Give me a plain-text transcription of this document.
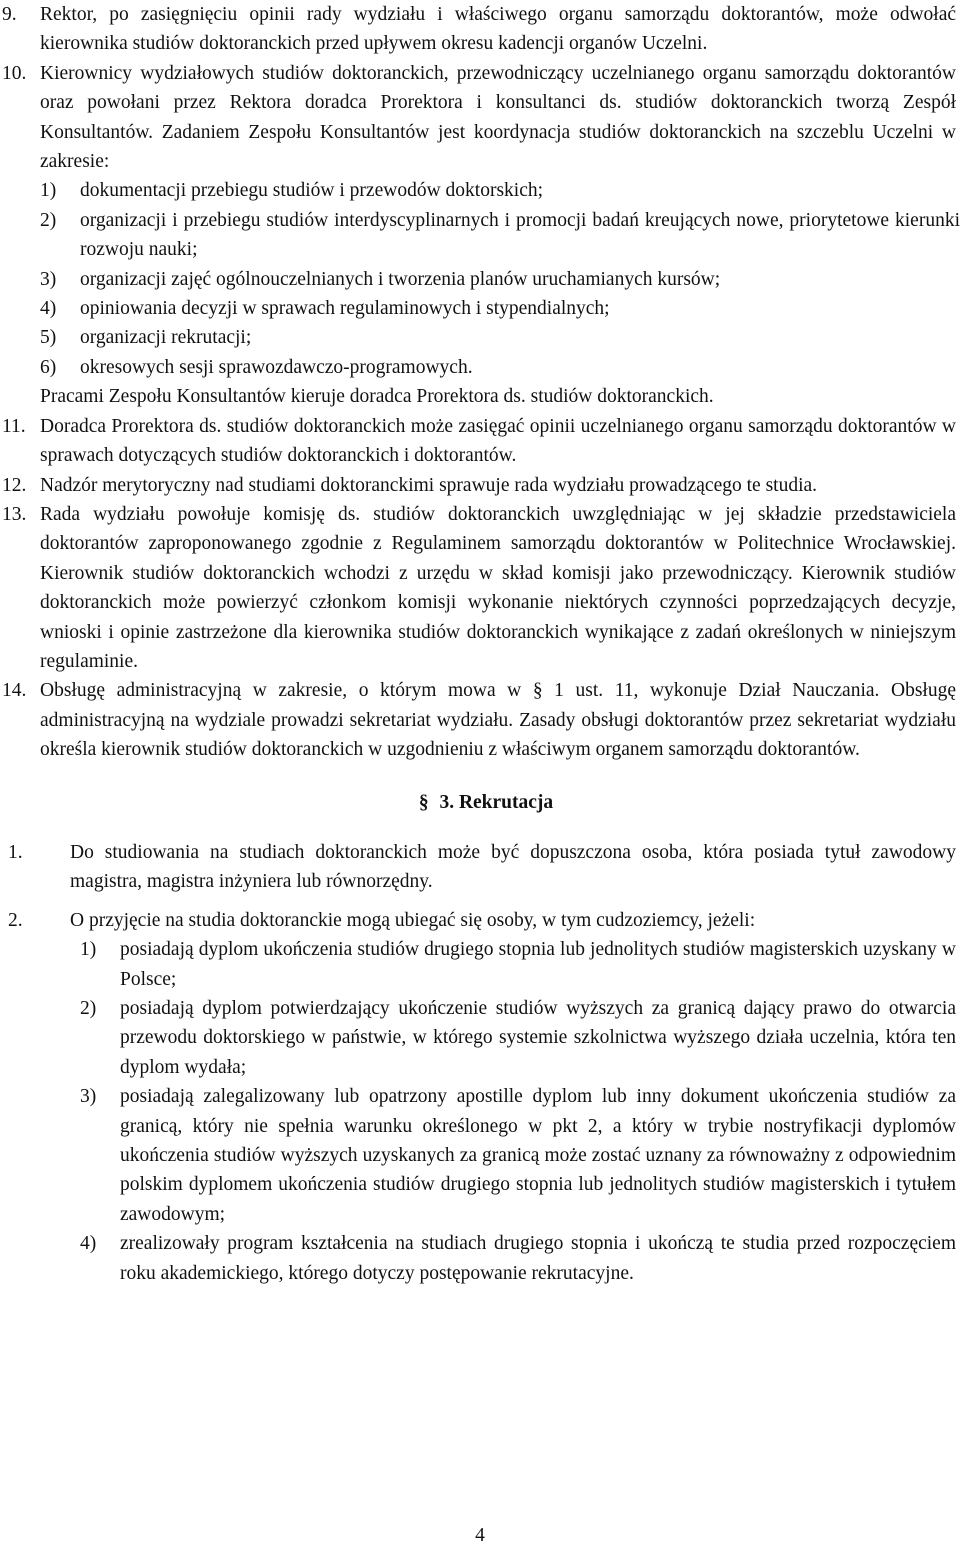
9. Rektor, po zasięgnięciu opinii rady wydziału i właściwego organu samorządu doktorantów, może odwołać kierownika studiów doktoranckich przed upływem okresu kadencji organów Uczelni.
10. Kierownicy wydziałowych studiów doktoranckich, przewodniczący uczelnianego organu samorządu doktorantów oraz powołani przez Rektora doradca Prorektora i konsultanci ds. studiów doktoranckich tworzą Zespół Konsultantów. Zadaniem Zespołu Konsultantów jest koordynacja studiów doktoranckich na szczeblu Uczelni w zakresie:
1) dokumentacji przebiegu studiów i przewodów doktorskich;
2) organizacji i przebiegu studiów interdyscyplinarnych i promocji badań kreujących nowe, priorytetowe kierunki rozwoju nauki;
3) organizacji zajęć ogólnouczelnianych i tworzenia planów uruchamianych kursów;
4) opiniowania decyzji w sprawach regulaminowych i stypendialnych;
5) organizacji rekrutacji;
6) okresowych sesji sprawozdawczo-programowych.
Pracami Zespołu Konsultantów kieruje doradca Prorektora ds. studiów doktoranckich.
11. Doradca Prorektora ds. studiów doktoranckich może zasięgać opinii uczelnianego organu samorządu doktorantów w sprawach dotyczących studiów doktoranckich i doktorantów.
12. Nadzór merytoryczny nad studiami doktoranckimi sprawuje rada wydziału prowadzącego te studia.
13. Rada wydziału powołuje komisję ds. studiów doktoranckich uwzględniając w jej składzie przedstawiciela doktorantów zaproponowanego zgodnie z Regulaminem samorządu doktorantów w Politechnice Wrocławskiej. Kierownik studiów doktoranckich wchodzi z urzędu w skład komisji jako przewodniczący. Kierownik studiów doktoranckich może powierzyć członkom komisji wykonanie niektórych czynności poprzedzających decyzje, wnioski i opinie zastrzeżone dla kierownika studiów doktoranckich wynikające z zadań określonych w niniejszym regulaminie.
14. Obsługę administracyjną w zakresie, o którym mowa w § 1 ust. 11, wykonuje Dział Nauczania. Obsługę administracyjną na wydziale prowadzi sekretariat wydziału. Zasady obsługi doktorantów przez sekretariat wydziału określa kierownik studiów doktoranckich w uzgodnieniu z właściwym organem samorządu doktorantów.
§ 3. Rekrutacja
1. Do studiowania na studiach doktoranckich może być dopuszczona osoba, która posiada tytuł zawodowy magistra, magistra inżyniera lub równorzędny.
2. O przyjęcie na studia doktoranckie mogą ubiegać się osoby, w tym cudzoziemcy, jeżeli:
1) posiadają dyplom ukończenia studiów drugiego stopnia lub jednolitych studiów magisterskich uzyskany w Polsce;
2) posiadają dyplom potwierdzający ukończenie studiów wyższych za granicą dający prawo do otwarcia przewodu doktorskiego w państwie, w którego systemie szkolnictwa wyższego działa uczelnia, która ten dyplom wydała;
3) posiadają zalegalizowany lub opatrzony apostille dyplom lub inny dokument ukończenia studiów za granicą, który nie spełnia warunku określonego w pkt 2, a który w trybie nostryfikacji dyplomów ukończenia studiów wyższych uzyskanych za granicą może zostać uznany za równoważny z odpowiednim polskim dyplomem ukończenia studiów drugiego stopnia lub jednolitych studiów magisterskich i tytułem zawodowym;
4) zrealizowały program kształcenia na studiach drugiego stopnia i ukończą te studia przed rozpoczęciem roku akademickiego, którego dotyczy postępowanie rekrutacyjne.
4
